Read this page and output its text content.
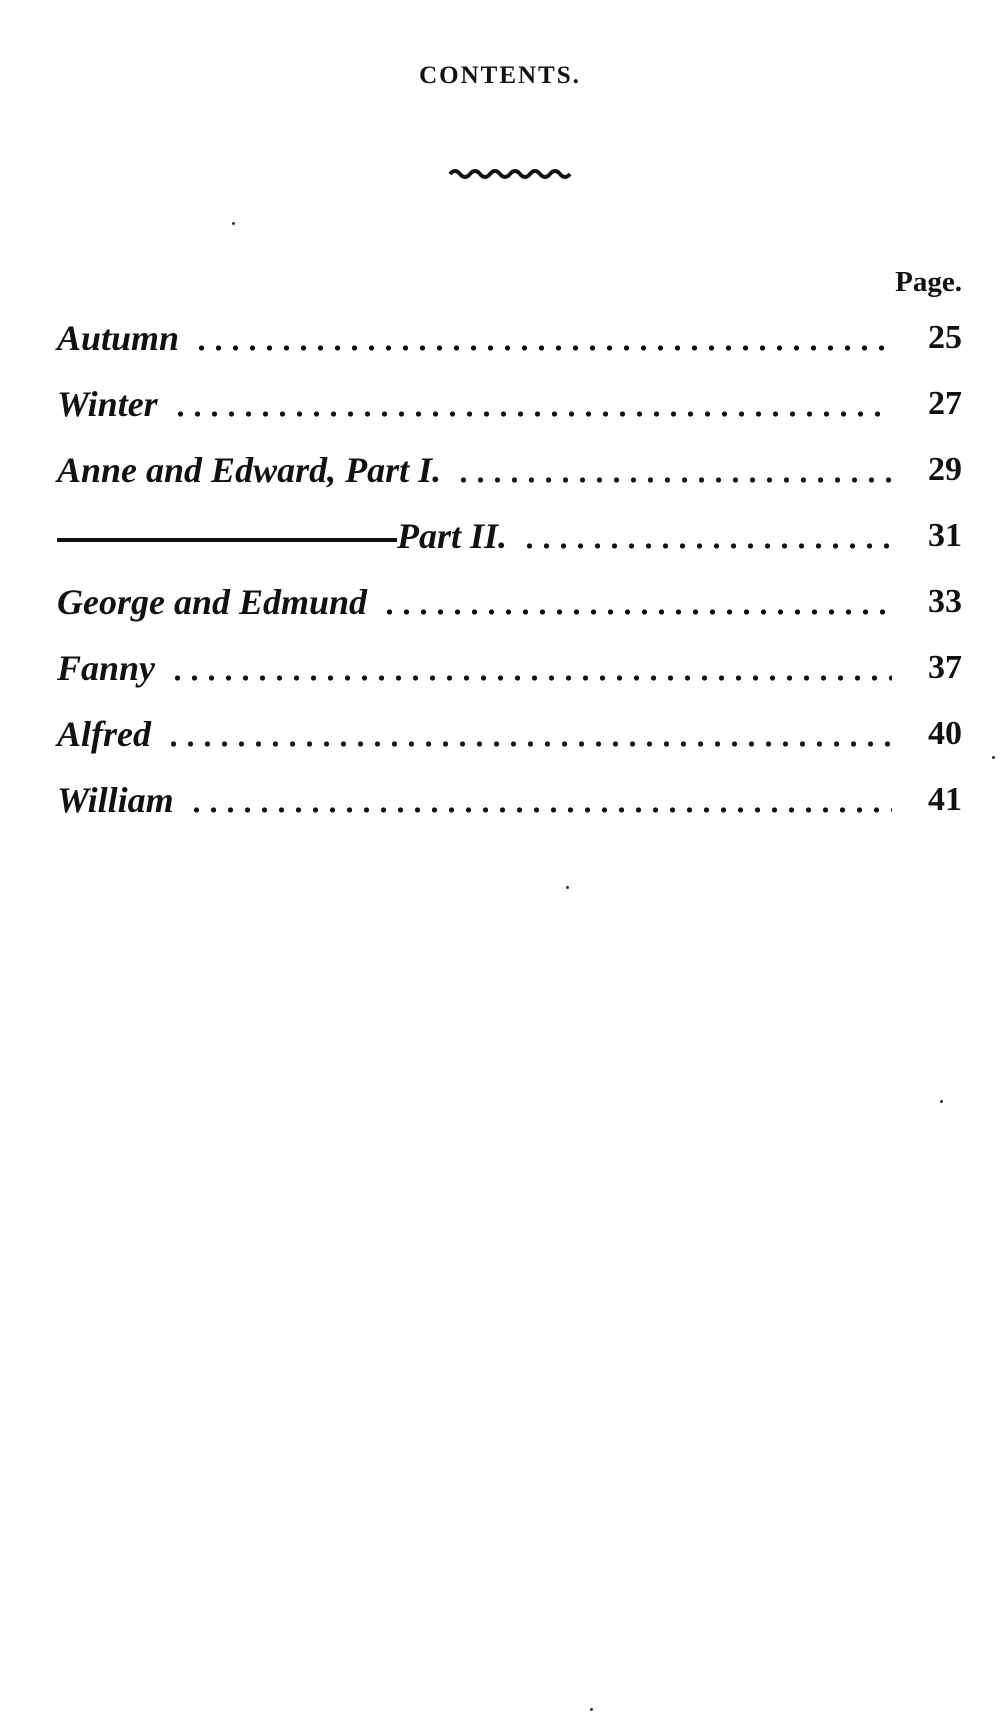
CONTENTS.
Page.
Autumn	25
Winter	27
Anne and Edward, Part I.	29
Part II.	31
George and Edmund	33
Fanny	37
Alfred	40
William	41
